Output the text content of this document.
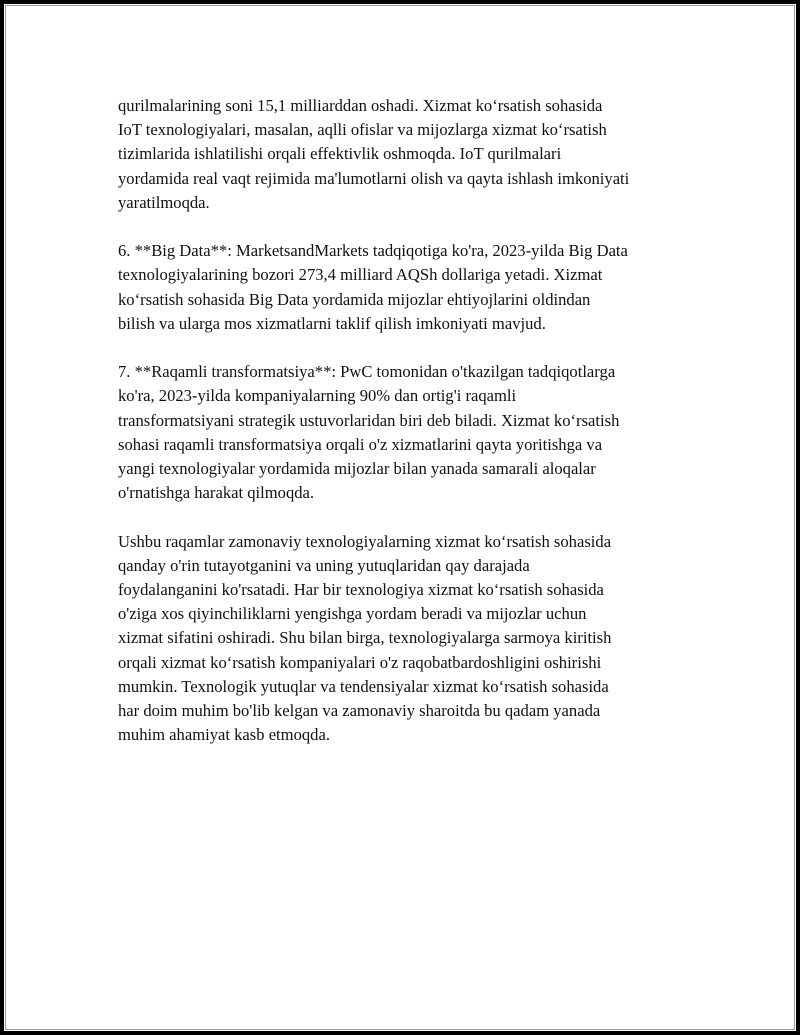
qurilmalarining soni 15,1 milliarddan oshadi. Xizmat ko‘rsatish sohasida
IoT texnologiyalari, masalan, aqlli ofislar va mijozlarga xizmat ko‘rsatish
tizimlarida ishlatilishi orqali effektivlik oshmoqda. IoT qurilmalari
yordamida real vaqt rejimida ma'lumotlarni olish va qayta ishlash imkoniyati
yaratilmoqda.

6. **Big Data**: MarketsandMarkets tadqiqotiga ko'ra, 2023-yilda Big Data
texnologiyalarining bozori 273,4 milliard AQSh dollariga yetadi. Xizmat
ko‘rsatish sohasida Big Data yordamida mijozlar ehtiyojlarini oldindan
bilish va ularga mos xizmatlarni taklif qilish imkoniyati mavjud.

7. **Raqamli transformatsiya**: PwC tomonidan o'tkazilgan tadqiqotlarga
ko'ra, 2023-yilda kompaniyalarning 90% dan ortig'i raqamli
transformatsiyani strategik ustuvorlaridan biri deb biladi. Xizmat ko‘rsatish
sohasi raqamli transformatsiya orqali o'z xizmatlarini qayta yoritishga va
yangi texnologiyalar yordamida mijozlar bilan yanada samarali aloqalar
o'rnatishga harakat qilmoqda.

Ushbu raqamlar zamonaviy texnologiyalarning xizmat ko‘rsatish sohasida
qanday o'rin tutayotganini va uning yutuqlaridan qay darajada
foydalanganini ko'rsatadi. Har bir texnologiya xizmat ko‘rsatish sohasida
o'ziga xos qiyinchiliklarni yengishga yordam beradi va mijozlar uchun
xizmat sifatini oshiradi. Shu bilan birga, texnologiyalarga sarmoya kiritish
orqali xizmat ko‘rsatish kompaniyalari o'z raqobatbardoshligini oshirishi
mumkin. Texnologik yutuqlar va tendensiyalar xizmat ko‘rsatish sohasida
har doim muhim bo'lib kelgan va zamonaviy sharoitda bu qadam yanada
muhim ahamiyat kasb etmoqda.
